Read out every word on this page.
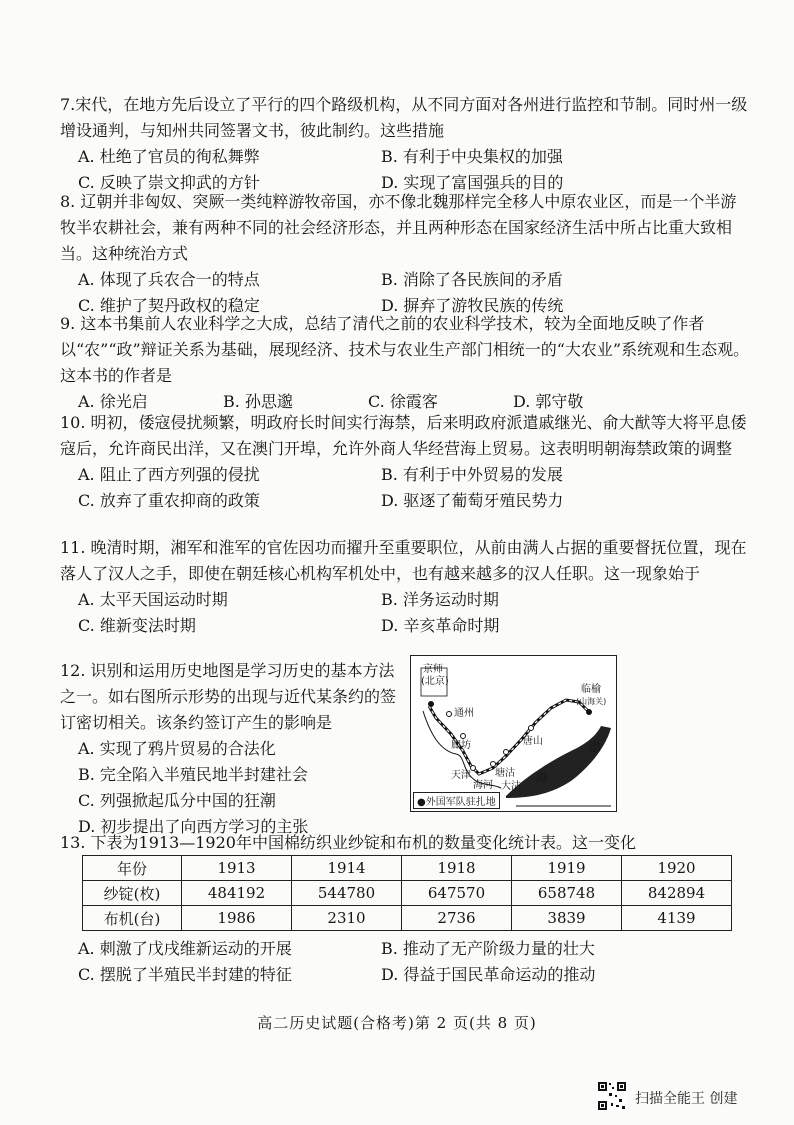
7.宋代，在地方先后设立了平行的四个路级机构，从不同方面对各州进行监控和节制。同时州一级增设通判，与知州共同签署文书，彼此制约。这些措施
A. 杜绝了官员的徇私舞弊	B. 有利于中央集权的加强
C. 反映了崇文抑武的方针	D. 实现了富国强兵的目的
8. 辽朝并非匈奴、突厥一类纯粹游牧帝国，亦不像北魏那样完全移人中原农业区，而是一个半游牧半农耕社会，兼有两种不同的社会经济形态，并且两种形态在国家经济生活中所占比重大致相当。这种统治方式
A. 体现了兵农合一的特点	B. 消除了各民族间的矛盾
C. 维护了契丹政权的稳定	D. 摒弃了游牧民族的传统
9. 这本书集前人农业科学之大成，总结了清代之前的农业科学技术，较为全面地反映了作者以“农”“政”辩证关系为基础，展现经济、技术与农业生产部门相统一的“大农业”系统观和生态观。这本书的作者是
A. 徐光启	B. 孙思邈	C. 徐霞客	D. 郭守敬
10. 明初，倭寇侵扰频繁，明政府长时间实行海禁，后来明政府派遣戚继光、俞大猷等大将平息倭寇后，允许商民出洋，又在澳门开埠，允许外商人华经营海上贸易。这表明明朝海禁政策的调整
A. 阻止了西方列强的侵扰	B. 有利于中外贸易的发展
C. 放弃了重农抑商的政策	D. 驱逐了葡萄牙殖民势力
11. 晚清时期，湘军和淮军的官佐因功而擢升至重要职位，从前由满人占据的重要督抚位置，现在落人了汉人之手，即使在朝廷核心机构军机处中，也有越来越多的汉人任职。这一现象始于
A. 太平天国运动时期	B. 洋务运动时期
C. 维新变法时期	D. 辛亥革命时期
12. 识别和运用历史地图是学习历史的基本方法之一。如右图所示形势的出现与近代某条约的签订密切相关。该条约签订产生的影响是
A. 实现了鸦片贸易的合法化
B. 完全陷入半殖民地半封建社会
C. 列强掀起瓜分中国的狂潮
D. 初步提出了向西方学习的主张
京师
(北京)
通州
廊坊	唐山
临榆
(山海关)
渤
海
天津 塘沽
海河 大沽
●外国军队驻扎地
13. 下表为1913—1920年中国棉纺织业纱锭和布机的数量变化统计表。这一变化
年份	1913	1914	1918	1919	1920
纱锭(枚)	484192	544780	647570	658748	842894
布机(台)	1986	2310	2736	3839	4139
A. 刺激了戊戌维新运动的开展	B. 推动了无产阶级力量的壮大
C. 摆脱了半殖民半封建的特征	D. 得益于国民革命运动的推动
高二历史试题(合格考)第 2 页(共 8 页)
扫描全能王 创建
